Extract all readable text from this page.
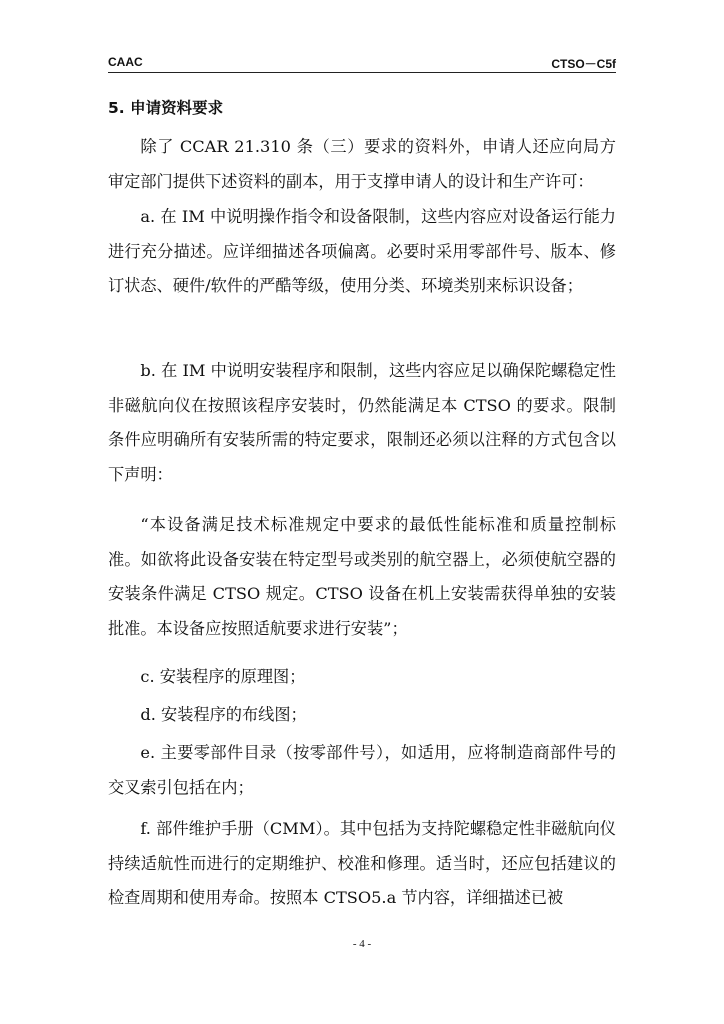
CAAC	CTSO－C5f
5. 申请资料要求

除了 CCAR 21.310 条（三）要求的资料外，申请人还应向局方审定部门提供下述资料的副本，用于支撑申请人的设计和生产许可：

a. 在 IM 中说明操作指令和设备限制，这些内容应对设备运行能力进行充分描述。应详细描述各项偏离。必要时采用零部件号、版本、修订状态、硬件/软件的严酷等级，使用分类、环境类别来标识设备；

b. 在 IM 中说明安装程序和限制，这些内容应足以确保陀螺稳定性非磁航向仪在按照该程序安装时，仍然能满足本 CTSO 的要求。限制条件应明确所有安装所需的特定要求，限制还必须以注释的方式包含以下声明：

“本设备满足技术标准规定中要求的最低性能标准和质量控制标准。如欲将此设备安装在特定型号或类别的航空器上，必须使航空器的安装条件满足 CTSO 规定。CTSO 设备在机上安装需获得单独的安装批准。本设备应按照适航要求进行安装”；

c. 安装程序的原理图；

d. 安装程序的布线图；

e. 主要零部件目录（按零部件号），如适用，应将制造商部件号的交叉索引包括在内；

f. 部件维护手册（CMM）。其中包括为支持陀螺稳定性非磁航向仪持续适航性而进行的定期维护、校准和修理。适当时，还应包括建议的检查周期和使用寿命。按照本 CTSO5.a 节内容，详细描述已被

- 4 -
